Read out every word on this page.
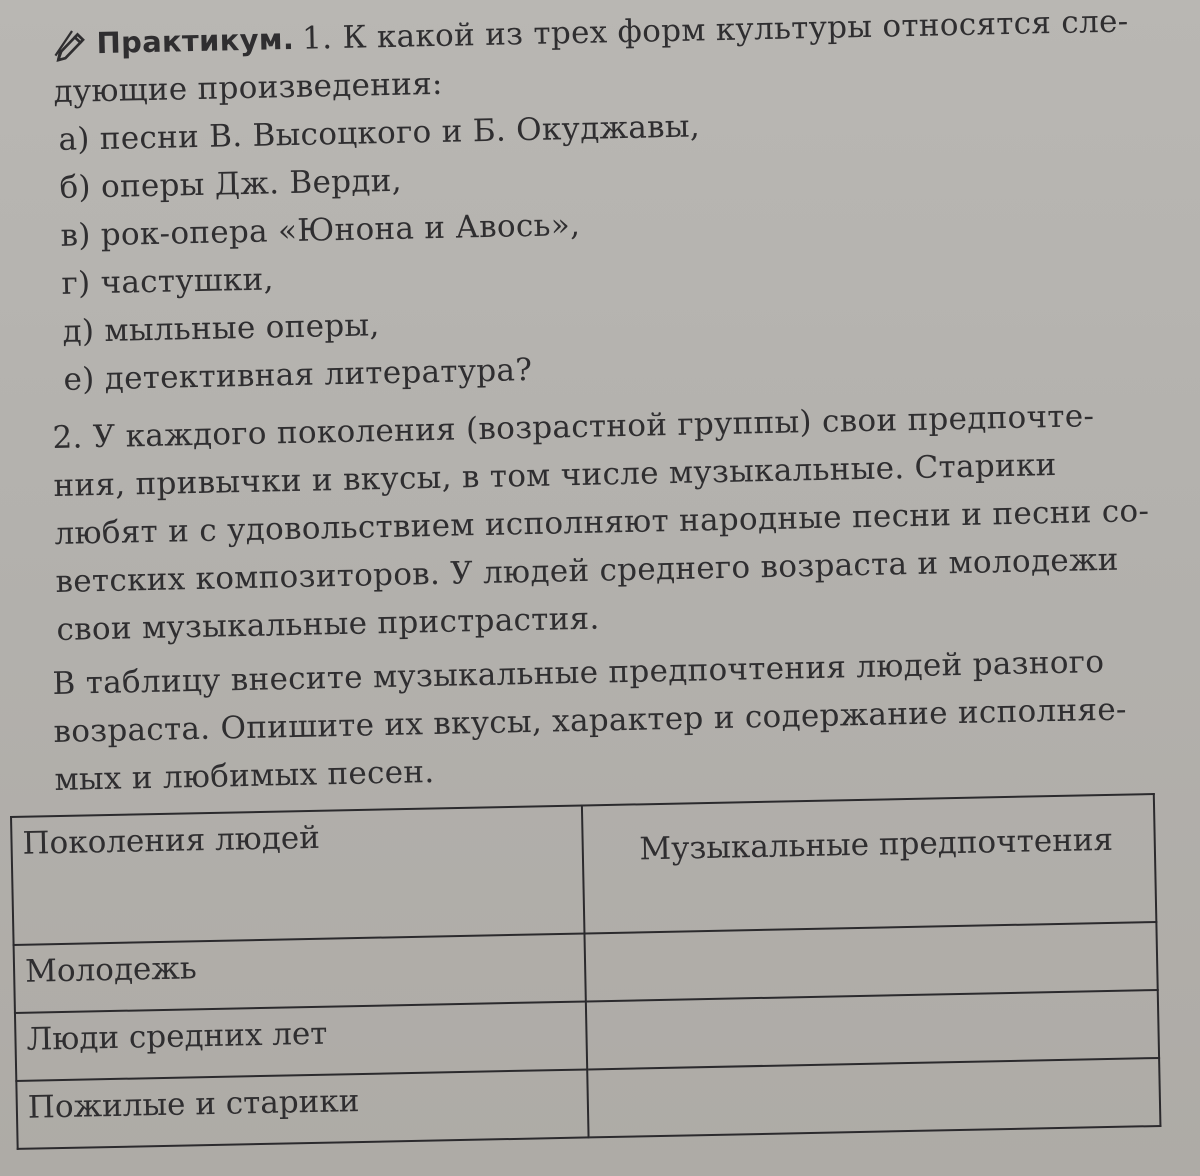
Практикум. 1. К какой из трех форм культуры относятся сле-
дующие произведения:
а) песни В. Высоцкого и Б. Окуджавы,
б) оперы Дж. Верди,
в) рок-опера «Юнона и Авось»,
г) частушки,
д) мыльные оперы,
е) детективная литература?
2. У каждого поколения (возрастной группы) свои предпочте-
ния, привычки и вкусы, в том числе музыкальные. Старики
любят и с удовольствием исполняют народные песни и песни со-
ветских композиторов. У людей среднего возраста и молодежи
свои музыкальные пристрастия.
В таблицу внесите музыкальные предпочтения людей разного
возраста. Опишите их вкусы, характер и содержание исполняе-
мых и любимых песен.
Поколения людей	Музыкальные предпочтения
Молодежь	
Люди средних лет	
Пожилые и старики	
